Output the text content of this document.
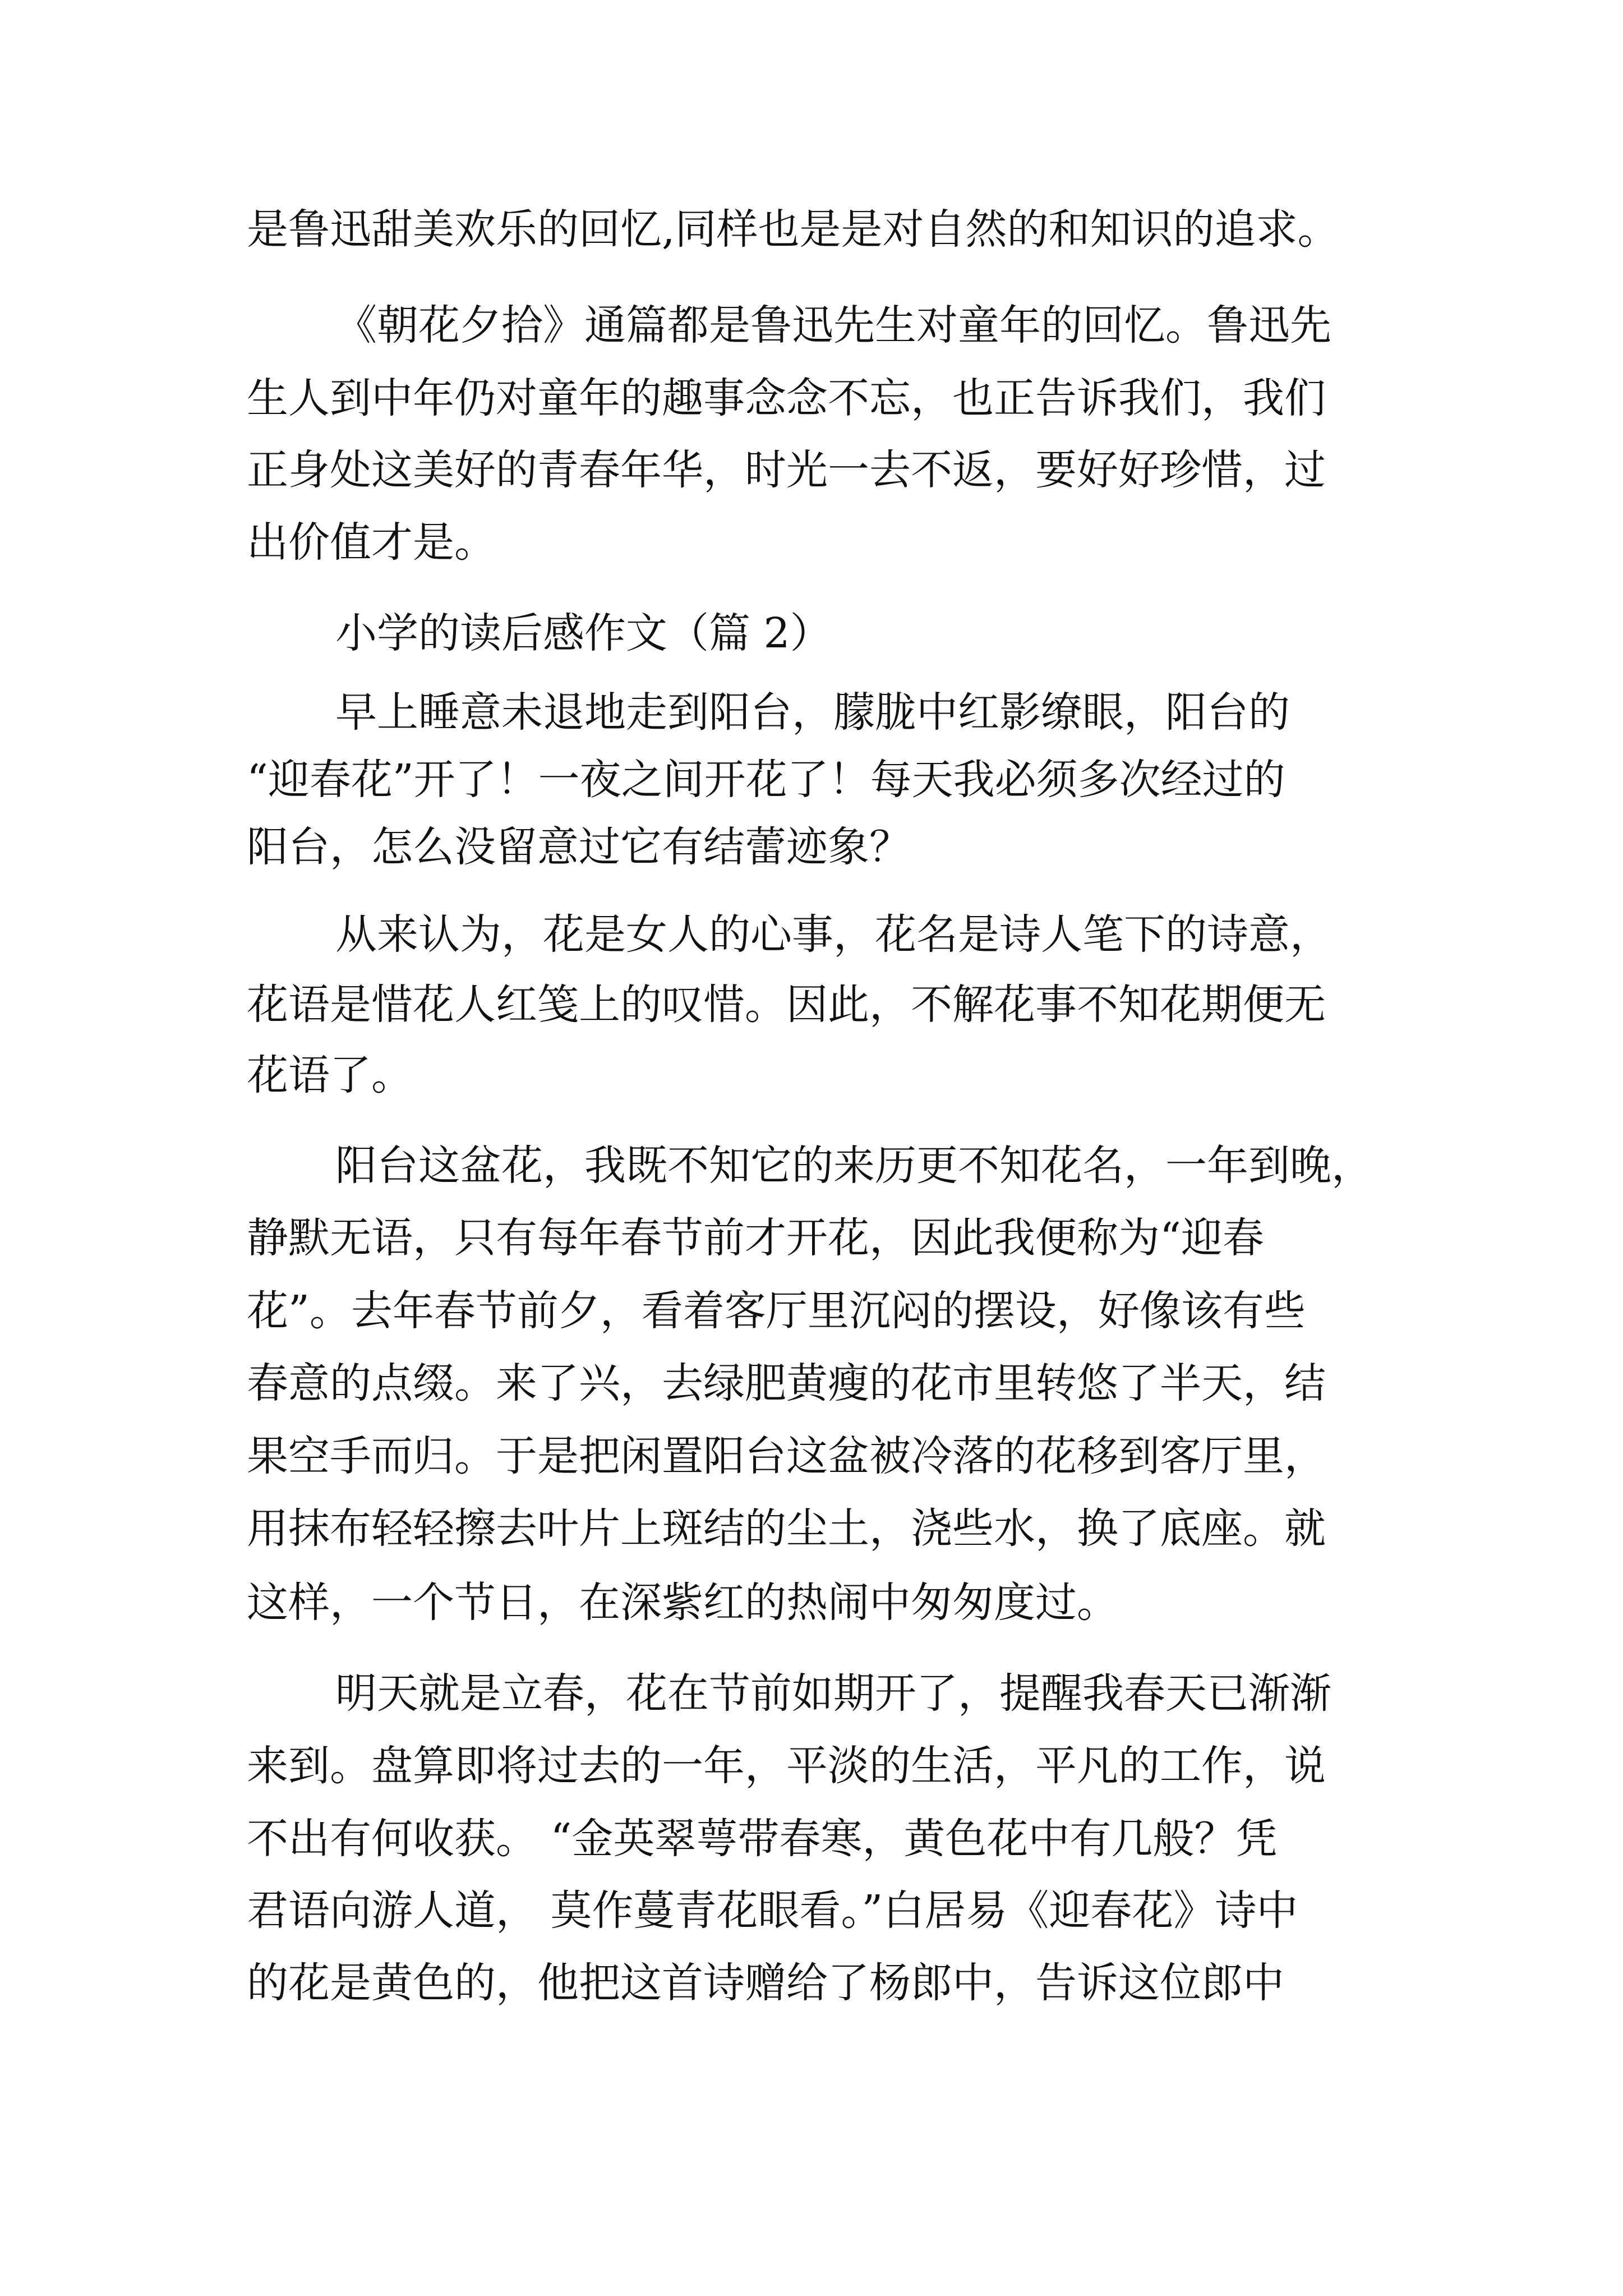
是鲁迅甜美欢乐的回忆,同样也是是对自然的和知识的追求。
《朝花夕拾》通篇都是鲁迅先生对童年的回忆。鲁迅先
生人到中年仍对童年的趣事念念不忘，也正告诉我们，我们
正身处这美好的青春年华，时光一去不返，要好好珍惜，过
出价值才是。
小学的读后感作文（篇 2）
早上睡意未退地走到阳台，朦胧中红影缭眼，阳台的
“迎春花”开了！一夜之间开花了！每天我必须多次经过的
阳台，怎么没留意过它有结蕾迹象？
从来认为，花是女人的心事，花名是诗人笔下的诗意，
花语是惜花人红笺上的叹惜。因此，不解花事不知花期便无
花语了。
阳台这盆花，我既不知它的来历更不知花名，一年到晚，
静默无语，只有每年春节前才开花，因此我便称为“迎春
花”。去年春节前夕，看着客厅里沉闷的摆设，好像该有些
春意的点缀。来了兴，去绿肥黄瘦的花市里转悠了半天，结
果空手而归。于是把闲置阳台这盆被冷落的花移到客厅里，
用抹布轻轻擦去叶片上斑结的尘土，浇些水，换了底座。就
这样，一个节日，在深紫红的热闹中匆匆度过。
明天就是立春，花在节前如期开了，提醒我春天已渐渐
来到。盘算即将过去的一年，平淡的生活，平凡的工作，说
不出有何收获。 “金英翠萼带春寒，黄色花中有几般？凭
君语向游人道， 莫作蔓青花眼看。”白居易《迎春花》诗中
的花是黄色的，他把这首诗赠给了杨郎中，告诉这位郎中
